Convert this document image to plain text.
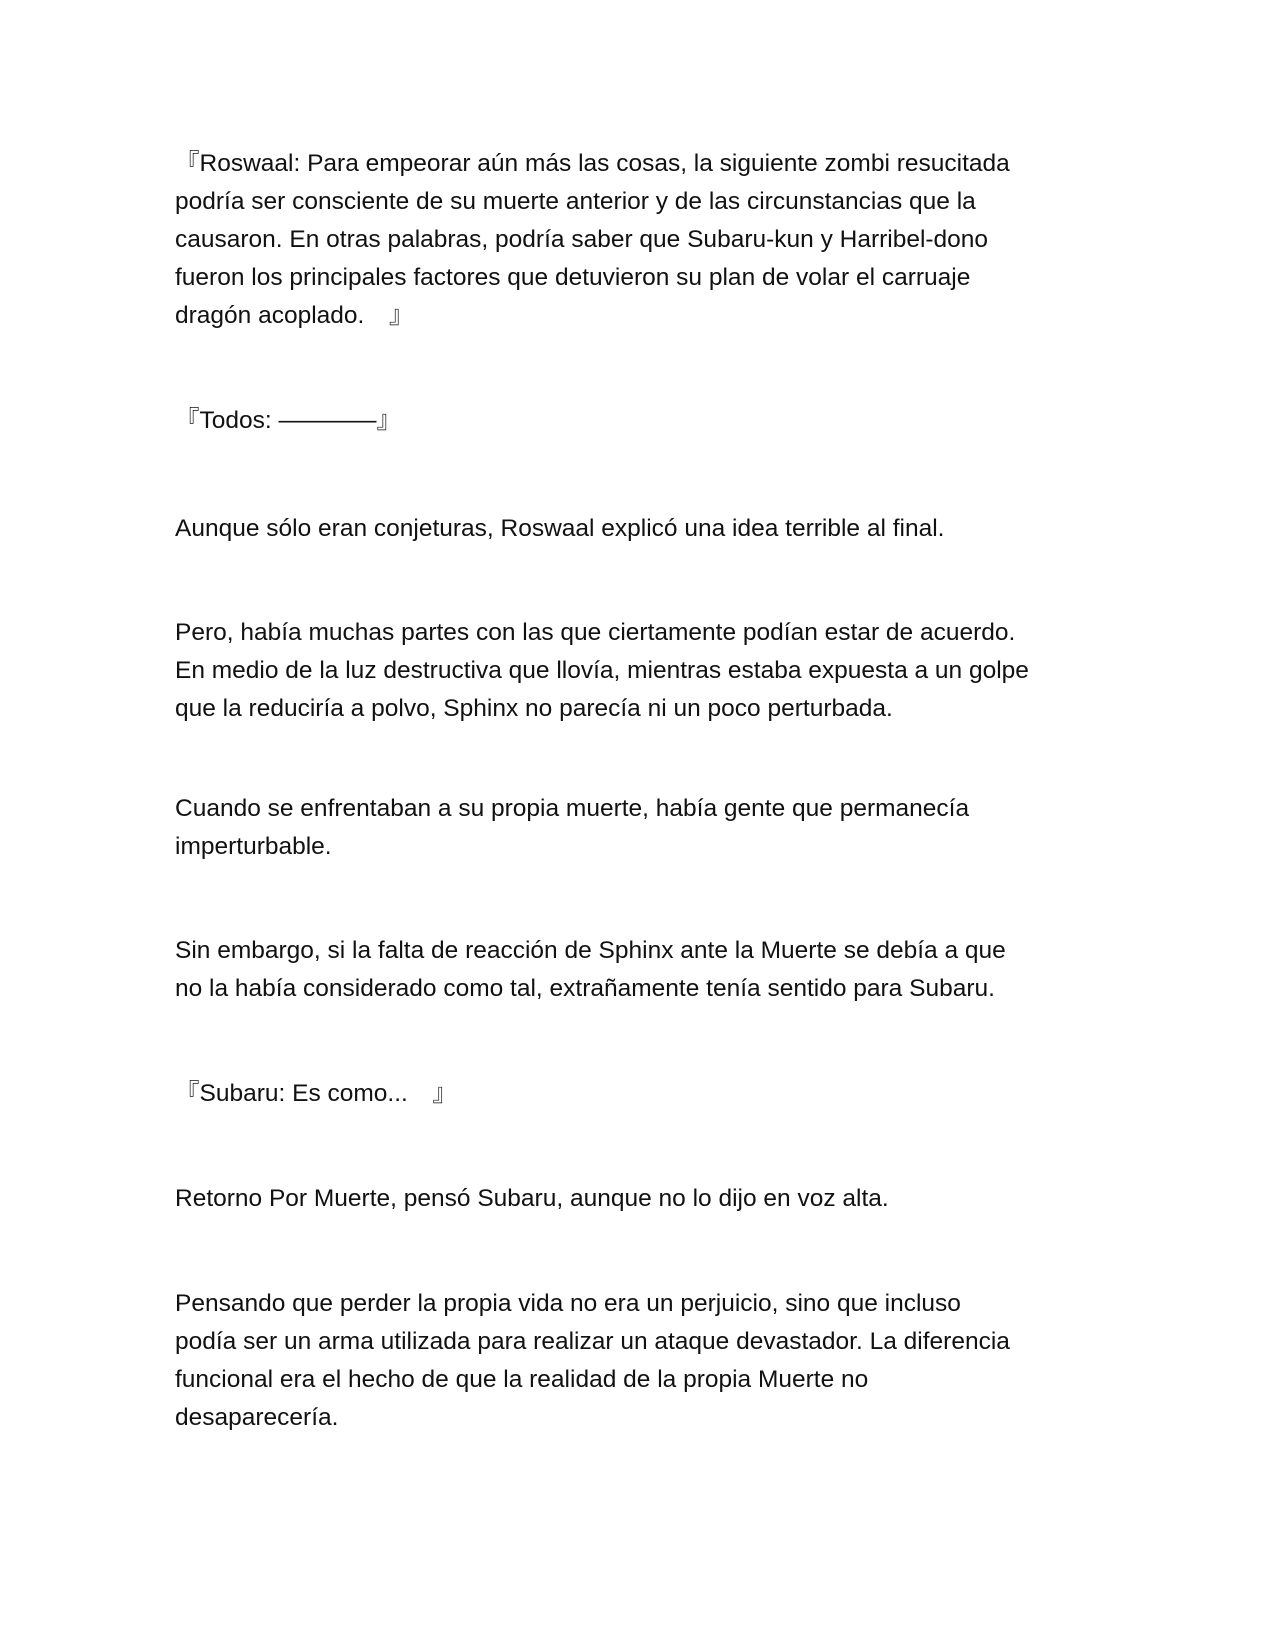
『Roswaal: Para empeorar aún más las cosas, la siguiente zombi resucitada
podría ser consciente de su muerte anterior y de las circunstancias que la
causaron. En otras palabras, podría saber que Subaru-kun y Harribel-dono
fueron los principales factores que detuvieron su plan de volar el carruaje
dragón acoplado.　』

『Todos: ――――』

Aunque sólo eran conjeturas, Roswaal explicó una idea terrible al final.

Pero, había muchas partes con las que ciertamente podían estar de acuerdo.
En medio de la luz destructiva que llovía, mientras estaba expuesta a un golpe
que la reduciría a polvo, Sphinx no parecía ni un poco perturbada.

Cuando se enfrentaban a su propia muerte, había gente que permanecía
imperturbable.

Sin embargo, si la falta de reacción de Sphinx ante la Muerte se debía a que
no la había considerado como tal, extrañamente tenía sentido para Subaru.

『Subaru: Es como...　』

Retorno Por Muerte, pensó Subaru, aunque no lo dijo en voz alta.

Pensando que perder la propia vida no era un perjuicio, sino que incluso
podía ser un arma utilizada para realizar un ataque devastador. La diferencia
funcional era el hecho de que la realidad de la propia Muerte no
desaparecería.
